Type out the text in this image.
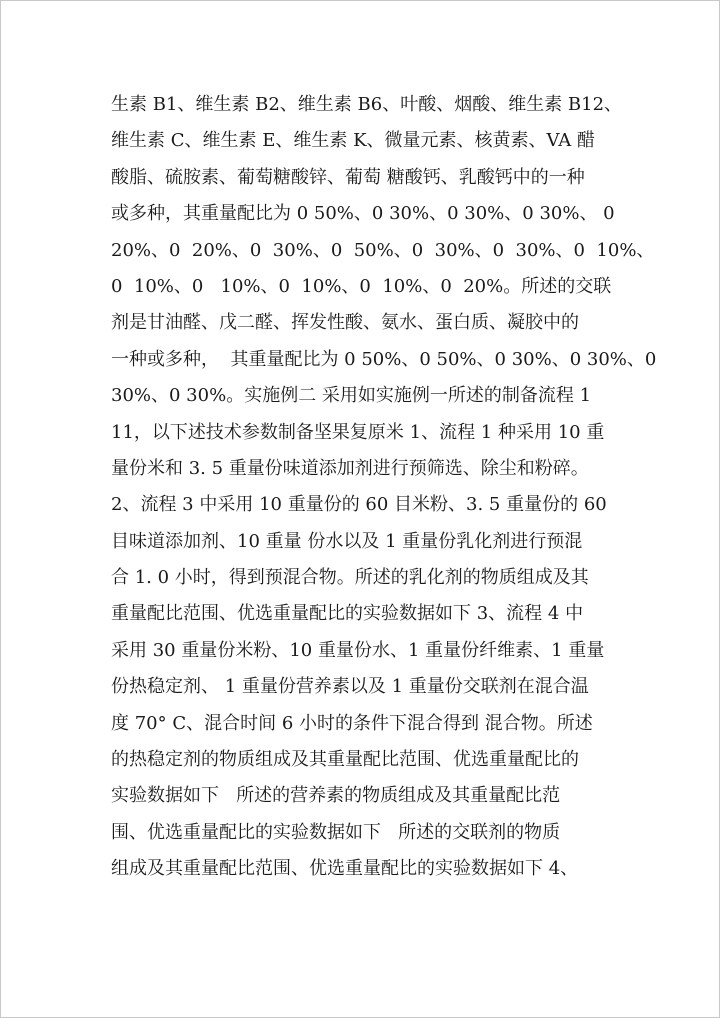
生素 B1、维生素 B2、维生素 B6、叶酸、烟酸、维生素 B12、
维生素 C、维生素 E、维生素 K、微量元素、核黄素、VA 醋
酸脂、硫胺素、葡萄糖酸锌、葡萄 糖酸钙、乳酸钙中的一种
或多种，其重量配比为 0 50%、0 30%、0 30%、0 30%、 0
20%、0  20%、0  30%、0  50%、0  30%、0  30%、0  10%、
0  10%、0   10%、0  10%、0  10%、0  20%。所述的交联
剂是甘油醛、戊二醛、挥发性酸、氨水、蛋白质、凝胶中的
一种或多种，  其重量配比为 0 50%、0 50%、0 30%、0 30%、0
30%、0 30%。实施例二 采用如实施例一所述的制备流程 1
11，以下述技术参数制备坚果复原米 1、流程 1 种采用 10 重
量份米和 3. 5 重量份味道添加剂进行预筛选、除尘和粉碎。
2、流程 3 中采用 10 重量份的 60 目米粉、3. 5 重量份的 60
目味道添加剂、10 重量 份水以及 1 重量份乳化剂进行预混
合 1. 0 小时，得到预混合物。所述的乳化剂的物质组成及其
重量配比范围、优选重量配比的实验数据如下 3、流程 4 中
采用 30 重量份米粉、10 重量份水、1 重量份纤维素、1 重量
份热稳定剂、 1 重量份营养素以及 1 重量份交联剂在混合温
度 70° C、混合时间 6 小时的条件下混合得到 混合物。所述
的热稳定剂的物质组成及其重量配比范围、优选重量配比的
实验数据如下   所述的营养素的物质组成及其重量配比范
围、优选重量配比的实验数据如下   所述的交联剂的物质
组成及其重量配比范围、优选重量配比的实验数据如下 4、
